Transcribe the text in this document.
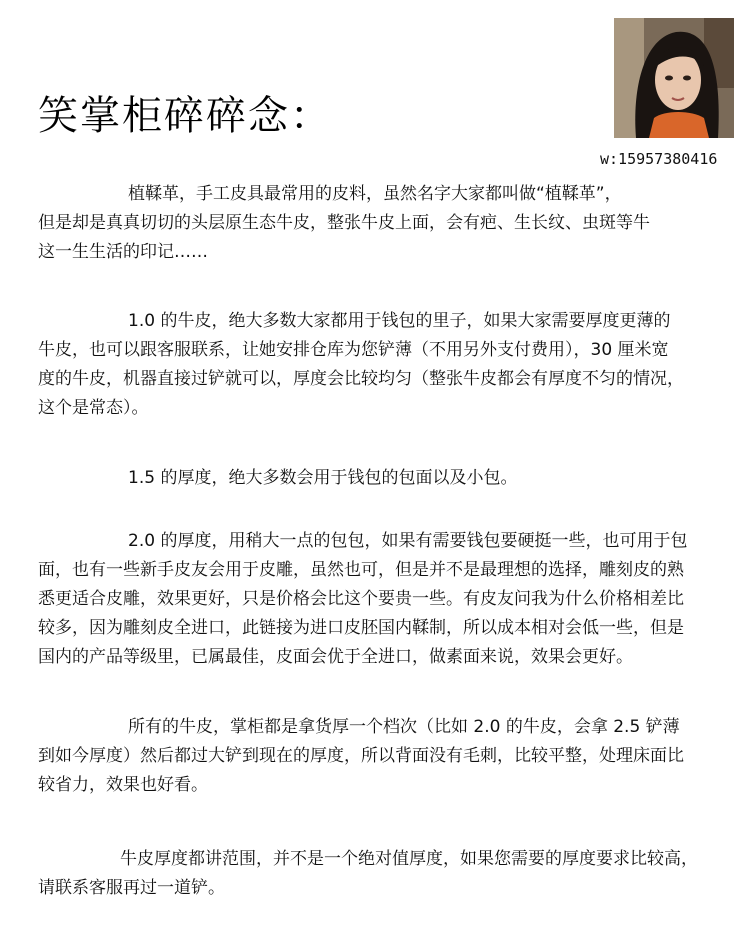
笑掌柜碎碎念：
w:15957380416
植鞣革，手工皮具最常用的皮料，虽然名字大家都叫做“植鞣革”，
但是却是真真切切的头层原生态牛皮，整张牛皮上面，会有疤、生长纹、虫斑等牛
这一生生活的印记……
1.0 的牛皮，绝大多数大家都用于钱包的里子，如果大家需要厚度更薄的
牛皮，也可以跟客服联系，让她安排仓库为您铲薄（不用另外支付费用），30 厘米宽
度的牛皮，机器直接过铲就可以，厚度会比较均匀（整张牛皮都会有厚度不匀的情况，
这个是常态）。
1.5 的厚度，绝大多数会用于钱包的包面以及小包。
2.0 的厚度，用稍大一点的包包，如果有需要钱包要硬挺一些，也可用于包
面，也有一些新手皮友会用于皮雕，虽然也可，但是并不是最理想的选择，雕刻皮的熟
悉更适合皮雕，效果更好，只是价格会比这个要贵一些。有皮友问我为什么价格相差比
较多，因为雕刻皮全进口，此链接为进口皮胚国内鞣制，所以成本相对会低一些，但是
国内的产品等级里，已属最佳，皮面会优于全进口，做素面来说，效果会更好。
所有的牛皮，掌柜都是拿货厚一个档次（比如 2.0 的牛皮，会拿 2.5 铲薄
到如今厚度）然后都过大铲到现在的厚度，所以背面没有毛刺，比较平整，处理床面比
较省力，效果也好看。
牛皮厚度都讲范围，并不是一个绝对值厚度，如果您需要的厚度要求比较高，
请联系客服再过一道铲。
